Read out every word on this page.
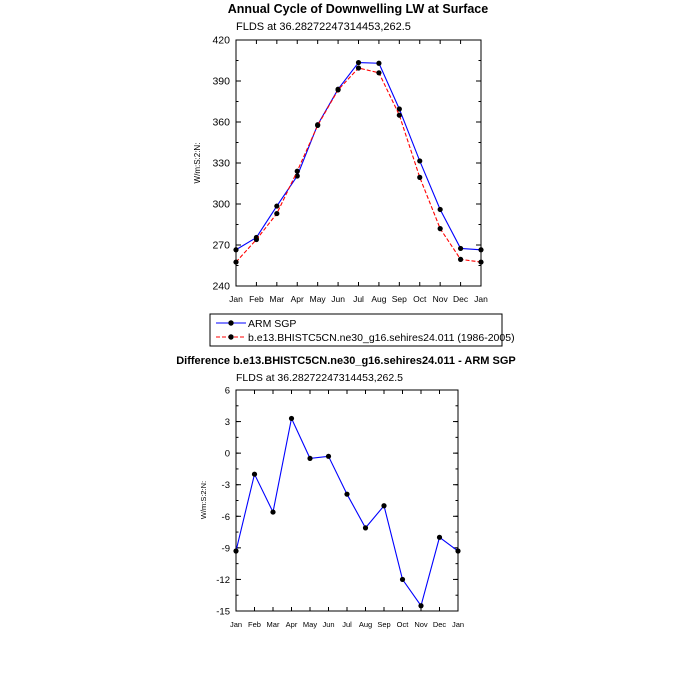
Annual Cycle of Downwelling LW at Surface
FLDS at 36.28272247314453,262.5
W/m:S:2:N:
240
270
300
330
360
390
420
Jan Feb Mar Apr May Jun Jul Aug Sep Oct Nov Dec Jan
ARM SGP
b.e13.BHISTC5CN.ne30_g16.sehires24.011 (1986-2005)
Difference b.e13.BHISTC5CN.ne30_g16.sehires24.011 - ARM SGP
FLDS at 36.28272247314453,262.5
W/m:S:2:N:
-15
-12
-9
-6
-3
0
3
6
Jan Feb Mar Apr May Jun Jul Aug Sep Oct Nov Dec Jan
